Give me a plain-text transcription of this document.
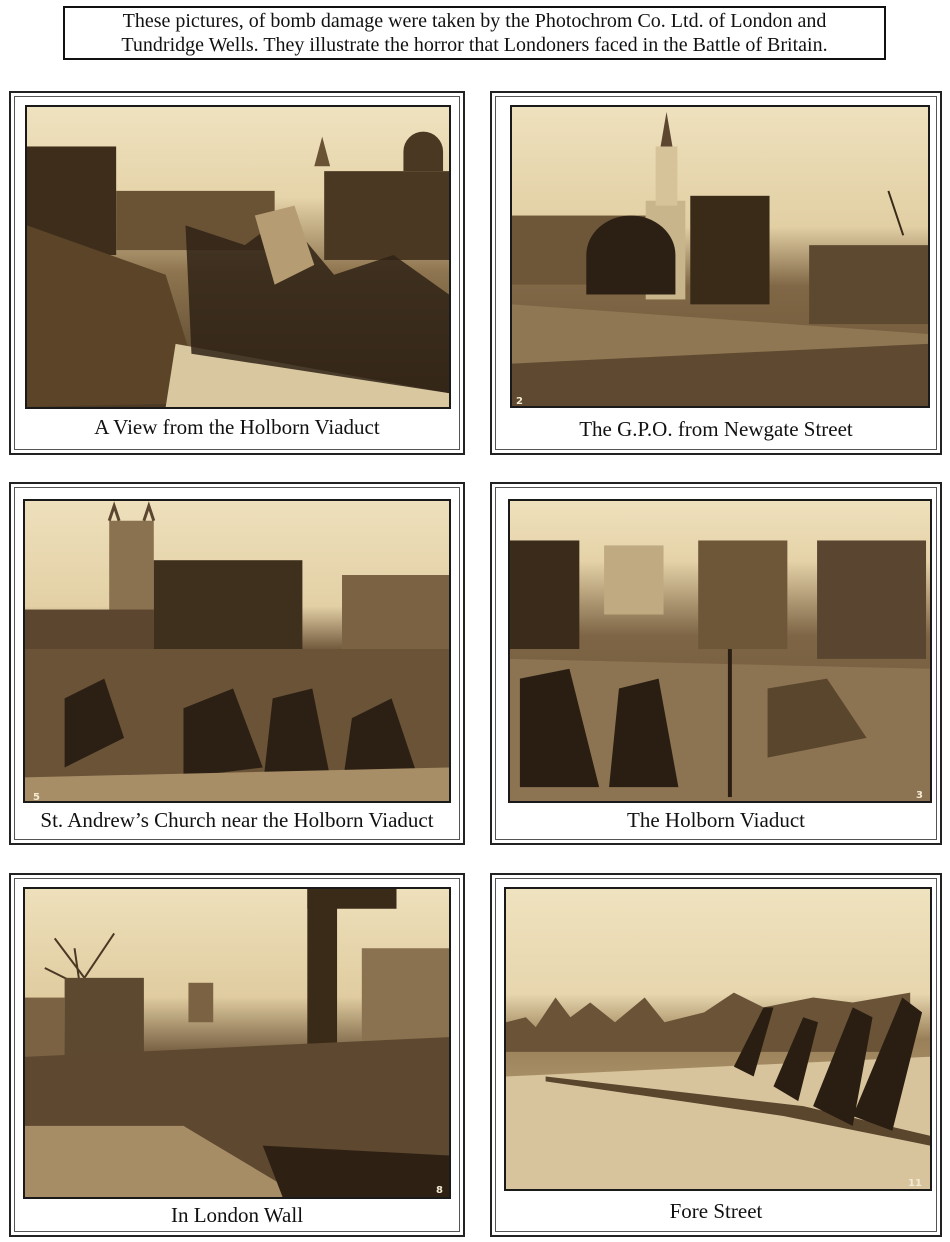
These pictures, of bomb damage were taken by the Photochrom Co. Ltd. of London and
Tundridge Wells. They illustrate the horror that Londoners faced in the Battle of Britain.
A View from the Holborn Viaduct
2
The G.P.O. from Newgate Street
5
St. Andrew’s Church near the Holborn Viaduct
3
The Holborn Viaduct
8
In London Wall
11
Fore Street
